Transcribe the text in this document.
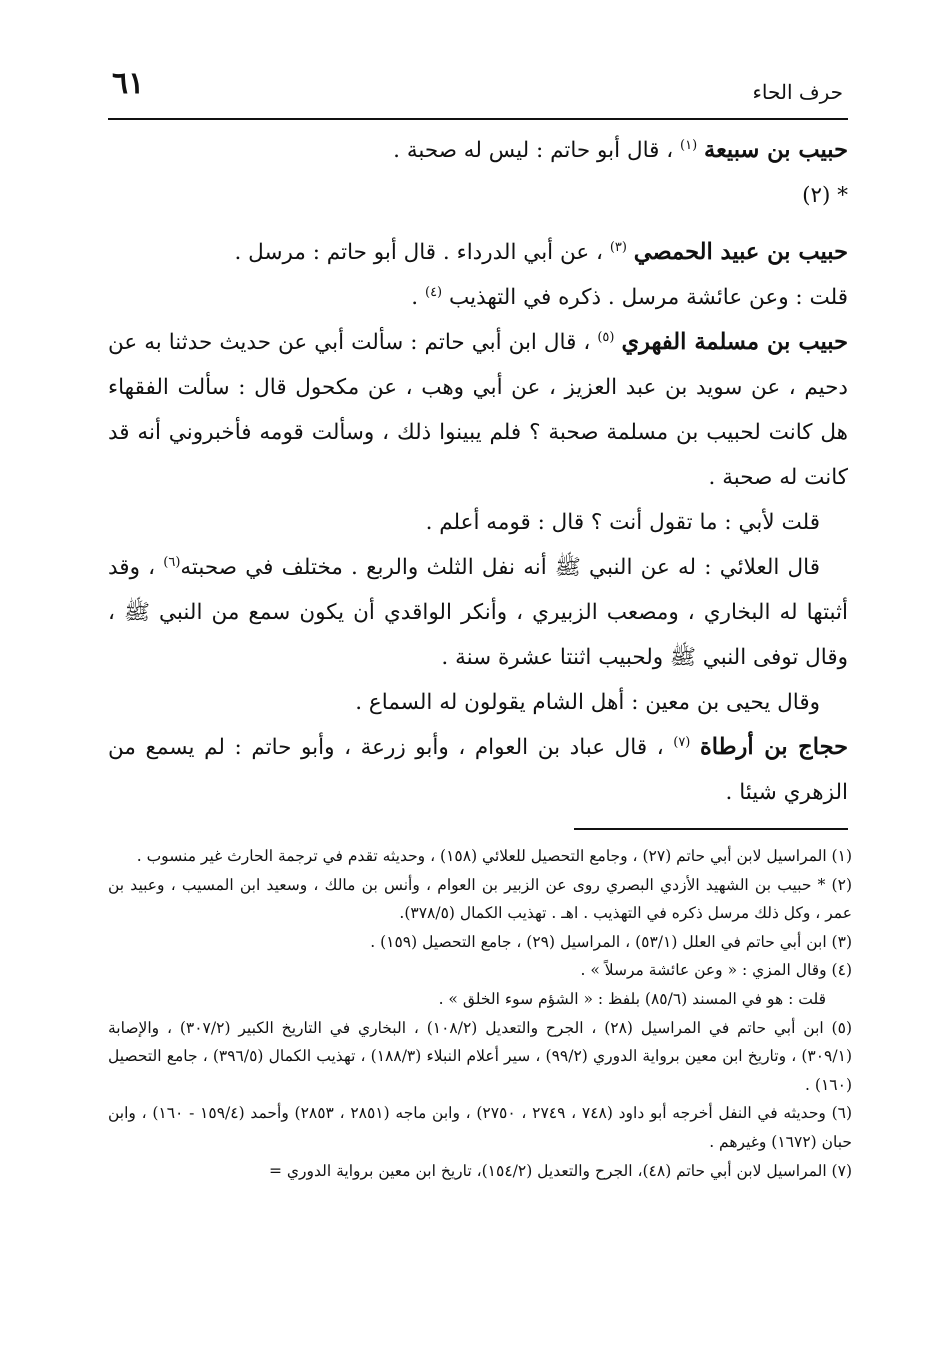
٦١	حرف الحاء

حبيب بن سبيعة $^{(١)}$ ، قال أبو حاتم : ليس له صحبة .

* (٢)

حبيب بن عبيد الحمصي $^{(٣)}$ ، عن أبي الدرداء . قال أبو حاتم : مرسل .

قلت : وعن عائشة مرسل . ذكره في التهذيب $^{(٤)}$ .

حبيب بن مسلمة الفهري $^{(٥)}$ ، قال ابن أبي حاتم : سألت أبي عن حديث حدثنا به عن دحيم ، عن سويد بن عبد العزيز ، عن أبي وهب ، عن مكحول قال : سألت الفقهاء هل كانت لحبيب بن مسلمة صحبة ؟ فلم يبينوا ذلك ، وسألت قومه فأخبروني أنه قد كانت له صحبة .

قلت لأبي : ما تقول أنت ؟ قال : قومه أعلم .

قال العلائي : له عن النبي ﷺ أنه نفل الثلث والربع . مختلف في صحبته$^{(٦)}$ ، وقد أثبتها له البخاري ، ومصعب الزبيري ، وأنكر الواقدي أن يكون سمع من النبي ﷺ ، وقال توفى النبي ﷺ ولحبيب اثنتا عشرة سنة .

وقال يحيى بن معين : أهل الشام يقولون له السماع .

حجاج بن أرطاة $^{(٧)}$ ، قال عباد بن العوام ، وأبو زرعة ، وأبو حاتم : لم يسمع من الزهري شيئا .

(١) المراسيل لابن أبي حاتم (٢٧) ، وجامع التحصيل للعلائي (١٥٨) ، وحديثه تقدم في ترجمة الحارث غير منسوب .

(٢) * حبيب بن الشهيد الأزدي البصري روى عن الزبير بن العوام ، وأنس بن مالك ، وسعيد ابن المسيب ، وعبيد بن عمر ، وكل ذلك مرسل ذكره في التهذيب . اهـ . تهذيب الكمال (٣٧٨/٥).

(٣) ابن أبي حاتم في العلل (٥٣/١) ، المراسيل (٢٩) ، جامع التحصيل (١٥٩) .

(٤) وقال المزي : « وعن عائشة مرسلاً » .

قلت : هو في المسند (٨٥/٦) بلفظ : « الشؤم سوء الخلق » .

(٥) ابن أبي حاتم في المراسيل (٢٨) ، الجرح والتعديل (١٠٨/٢) ، البخاري في التاريخ الكبير (٣٠٧/٢) ، والإصابة (٣٠٩/١) ، وتاريخ ابن معين برواية الدوري (٩٩/٢) ، سير أعلام النبلاء (١٨٨/٣) ، تهذيب الكمال (٣٩٦/٥) ، جامع التحصيل (١٦٠) .

(٦) وحديثه في النفل أخرجه أبو داود (٧٤٨ ، ٢٧٤٩ ، ٢٧٥٠) ، وابن ماجه (٢٨٥١ ، ٢٨٥٣) وأحمد (١٥٩/٤ - ١٦٠) ، وابن حبان (١٦٧٢) وغيرهم .

(٧) المراسيل لابن أبي حاتم (٤٨)، الجرح والتعديل (١٥٤/٢)، تاريخ ابن معين برواية الدوري =
